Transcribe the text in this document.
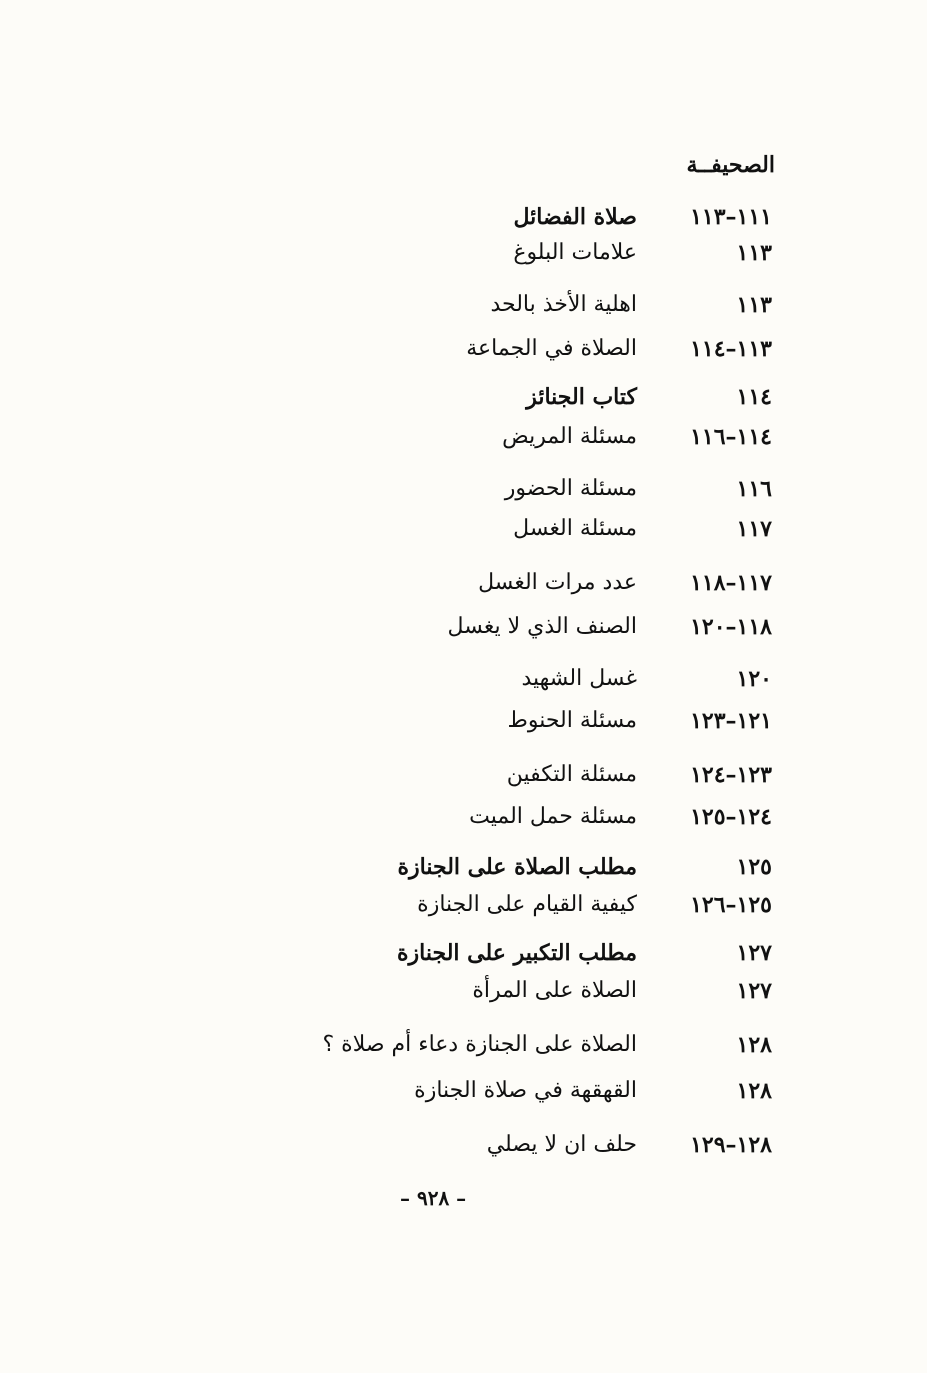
الصحيفــة
١١١–١١٣
صلاة الفضائل
١١٣
علامات البلوغ
١١٣
اهلية الأخذ بالحد
١١٣–١١٤
الصلاة في الجماعة
١١٤
كتاب الجنائز
١١٤–١١٦
مسئلة المريض
١١٦
مسئلة الحضور
١١٧
مسئلة الغسل
١١٧–١١٨
عدد مرات الغسل
١١٨–١٢٠
الصنف الذي لا يغسل
١٢٠
غسل الشهيد
١٢١–١٢٣
مسئلة الحنوط
١٢٣–١٢٤
مسئلة التكفين
١٢٤–١٢٥
مسئلة حمل الميت
١٢٥
مطلب الصلاة على الجنازة
١٢٥–١٢٦
كيفية القيام على الجنازة
١٢٧
مطلب التكبير على الجنازة
١٢٧
الصلاة على المرأة
١٢٨
الصلاة على الجنازة دعاء أم صلاة ؟
١٢٨
القهقهة في صلاة الجنازة
١٢٨–١٢٩
حلف ان لا يصلي
– ٩٢٨ –
